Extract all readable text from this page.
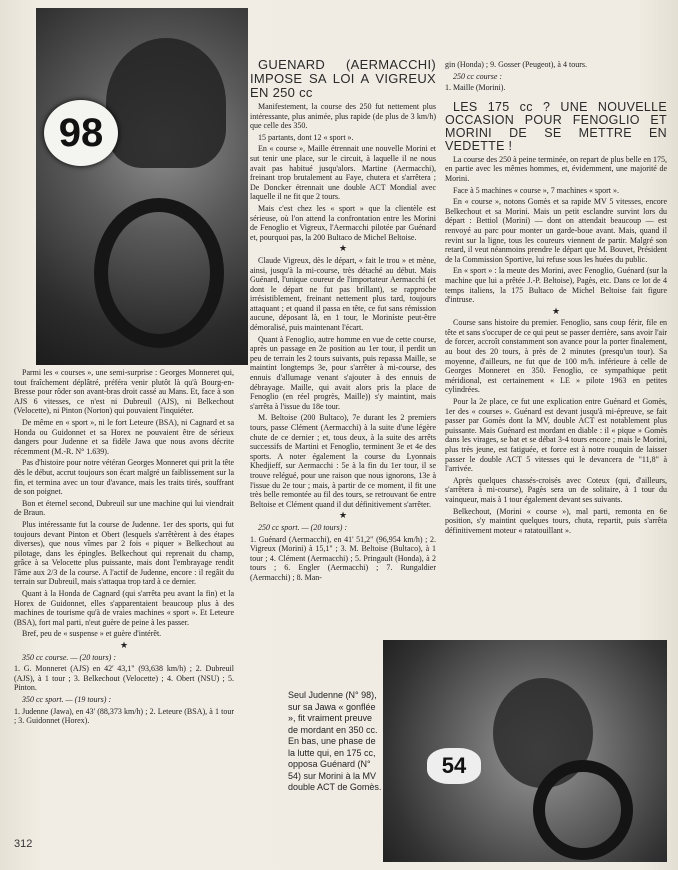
98

Parmi les « courses », une semi-surprise : Georges Monneret qui, tout fraîchement déplâtré, préféra venir plutôt là qu'à Bourg-en-Bresse pour rôder son avant-bras droit cassé au Mans. Et, face à son AJS 6 vitesses, ce n'est ni Dubreuil (AJS), ni Belkechout (Velocette), ni Pinton (Norton) qui pouvaient l'inquiéter.

De même en « sport », ni le fort Leteure (BSA), ni Cagnard et sa Honda ou Guidonnet et sa Horex ne pouvaient être de sérieux dangers pour Judenne et sa fidèle Jawa que nous avons décrite récemment (M.-R. N° 1.639).

Pas d'histoire pour notre vétéran Georges Monneret qui prit la tête dès le début, accrut toujours son écart malgré un faiblissement sur la fin, et termina avec un tour d'avance, mais les traits tirés, souffrant de son poignet.

Bon et éternel second, Dubreuil sur une machine qui lui viendrait de Braun.

Plus intéressante fut la course de Judenne. 1er des sports, qui fut toujours devant Pinton et Obert (lesquels s'arrêtèrent à des étapes diverses), que nous vîmes par 2 fois « piquer » Belkechout au pilotage, dans les épingles. Belkechout qui reprenait du champ, grâce à sa Velocette plus puissante, mais dont l'embrayage rendit l'âme aux 2/3 de la course. A l'actif de Judenne, encore : il regâit du terrain sur Dubreuil, mais s'attaqua trop tard à ce dernier.

Quant à la Honda de Cagnard (qui s'arrêta peu avant la fin) et la Horex de Guidonnet, elles s'apparentaient beaucoup plus à des machines de tourisme qu'à de vraies machines « sport ». Et Leteure (BSA), fort mal parti, n'eut guère de peine à les passer.

Bref, peu de « suspense » et guère d'intérêt.

★

350 cc course. — (20 tours) :

1. G. Monneret (AJS) en 42' 43,1" (93,638 km/h) ; 2. Dubreuil (AJS), à 1 tour ; 3. Belkechout (Velocette) ; 4. Obert (NSU) ; 5. Pinton.

350 cc sport. — (19 tours) :

1. Judenne (Jawa), en 43' (88,373 km/h) ; 2. Leteure (BSA), à 1 tour ; 3. Guidonnet (Horex).

GUENARD (AERMACCHI) IMPOSE SA LOI A VIGREUX EN 250 cc

Manifestement, la course des 250 fut nettement plus intéressante, plus animée, plus rapide (de plus de 3 km/h) que celle des 350.

15 partants, dont 12 « sport ».

En « course », Maille étrennait une nouvelle Morini et sut tenir une place, sur le circuit, à laquelle il ne nous avait pas habitué jusqu'alors. Martine (Aermacchi), freinant trop brutalement au Faye, chutera et s'arrêtera ; De Doncker étrennait une double ACT Mondial avec laquelle il ne fit que 2 tours.

Mais c'est chez les « sport » que la clientèle est sérieuse, où l'on attend la confrontation entre les Morini de Fenoglio et Vigreux, l'Aermacchi pilotée par Guénard et, pourquoi pas, la 200 Bultaco de Michel Beltoise.

★

Claude Vigreux, dès le départ, « fait le trou » et mène, ainsi, jusqu'à la mi-course, très détaché au début. Mais Guénard, l'unique coureur de l'importateur Aermacchi (et dont le départ ne fut pas brillant), se rapproche irrésistiblement, freinant nettement plus tard, toujours attaquant ; et quand il passa en tête, ce fut sans rémission aucune, déposant là, en 1 tour, le Moriníste peut-être démoralisé, puis maintenant l'écart.

Quant à Fenoglio, autre homme en vue de cette course, après un passage en 2e position au 1er tour, il perdit un peu de terrain les 2 tours suivants, puis repassa Maille, se maintint longtemps 3e, pour s'arrêter à mi-course, des ennuis d'allumage venant s'ajouter à des ennuis de débrayage. Maille, qui avait alors pris la place de Fenoglio (en réel progrès, Maille)) s'y maintint, mais s'arrêta à l'issue du 18e tour.

M. Beltoise (200 Bultaco), 7e durant les 2 premiers tours, passe Clément (Aermacchi) à la suite d'une légère chute de ce dernier ; et, tous deux, à la suite des arrêts successifs de Martini et Fenoglio, terminent 3e et 4e des sports. A noter également la course du Lyonnais Khedjieff, sur Aermacchi : 5e à la fin du 1er tour, il se trouve relégué, pour une raison que nous ignorons, 13e à l'issue du 2e tour ; mais, à partir de ce moment, il fit une très belle remontée au fil des tours, se retrouvant 6e entre Beltoise et Clément quand il dut définitivement s'arrêter.

★

250 cc sport. — (20 tours) :

1. Guénard (Aermacchi), en 41' 51,2" (96,954 km/h) ; 2. Vigreux (Morini) à 15,1" ; 3. M. Beltoise (Bultaco), à 1 tour ; 4. Clément (Aermacchi) ; 5. Pringault (Honda), à 2 tours ; 6. Engler (Aermacchi) ; 7. Rungaldier (Aermacchi) ; 8. Man-

gin (Honda) ; 9. Gosser (Peugeot), à 4 tours.

250 cc course :

1. Maille (Morini).

LES 175 cc ? UNE NOUVELLE OCCASION POUR FENOGLIO ET MORINI DE SE METTRE EN VEDETTE !

La course des 250 à peine terminée, on repart de plus belle en 175, en partie avec les mêmes hommes, et, évidemment, une majorité de Morini.

Face à 5 machines « course », 7 machines « sport ».

En « course », notons Gomès et sa rapide MV 5 vitesses, encore Belkechout et sa Morini. Mais un petit esclandre survint lors du départ : Bettiol (Morini) — dont on attendait beaucoup — est renvoyé au parc pour monter un garde-boue avant. Mais, quand il revint sur la ligne, tous les coureurs viennent de partir. Malgré son retard, il veut néanmoins prendre le départ que M. Bouvet, Président de la Commission Sportive, lui refuse sous les huées du public.

En « sport » : la meute des Morini, avec Fenoglio, Guénard (sur la machine que lui a prêtée J.-P. Beltoise), Pagès, etc. Dans ce lot de 4 temps italiens, la 175 Bultaco de Michel Beltoise fait figure d'intruse.

★

Course sans histoire du premier. Fenoglio, sans coup férir, file en tête et sans s'occuper de ce qui peut se passer derrière, sans avoir l'air de forcer, accroît constamment son avance pour la porter finalement, au bout des 20 tours, à près de 2 minutes (presqu'un tour). Sa moyenne, d'ailleurs, ne fut que de 100 m/h. inférieure à celle de Georges Monneret en 350. Fenoglio, ce sympathique petit méridional, est certainement « LE » pilote 1963 en petites cylindrées.

Pour la 2e place, ce fut une explication entre Guénard et Gomès, 1er des « courses ». Guénard est devant jusqu'à mi-épreuve, se fait passer par Gomès dont la MV, double ACT est notablement plus puissante. Mais Guénard est mordant en diable : il « pique » Gomès dans les virages, se bat et se débat 3-4 tours encore ; mais le Morini, plus très jeune, est fatiguée, et force est à notre rouquin de laisser passer le double ACT 5 vitesses qui le devancera de "11,8" à l'arrivée.

Après quelques chassés-croisés avec Coteux (qui, d'ailleurs, s'arrêtera à mi-course), Pagès sera un de solitaire, à 1 tour du vainqueur, mais à 1 tour également devant ses suivants.

Belkechout, (Morini « course »), mal parti, remonta en 6e position, s'y maintint quelques tours, chuta, repartit, puis s'arrêta définitivement moteur « ratatouillant ».

Seul Judenne (N° 98), sur sa Jawa « gonflée », fit vraiment preuve de mordant en 350 cc. En bas, une phase de la lutte qui, en 175 cc, opposa Guénard (N° 54) sur Morini à la MV double ACT de Gomès.
54
312
